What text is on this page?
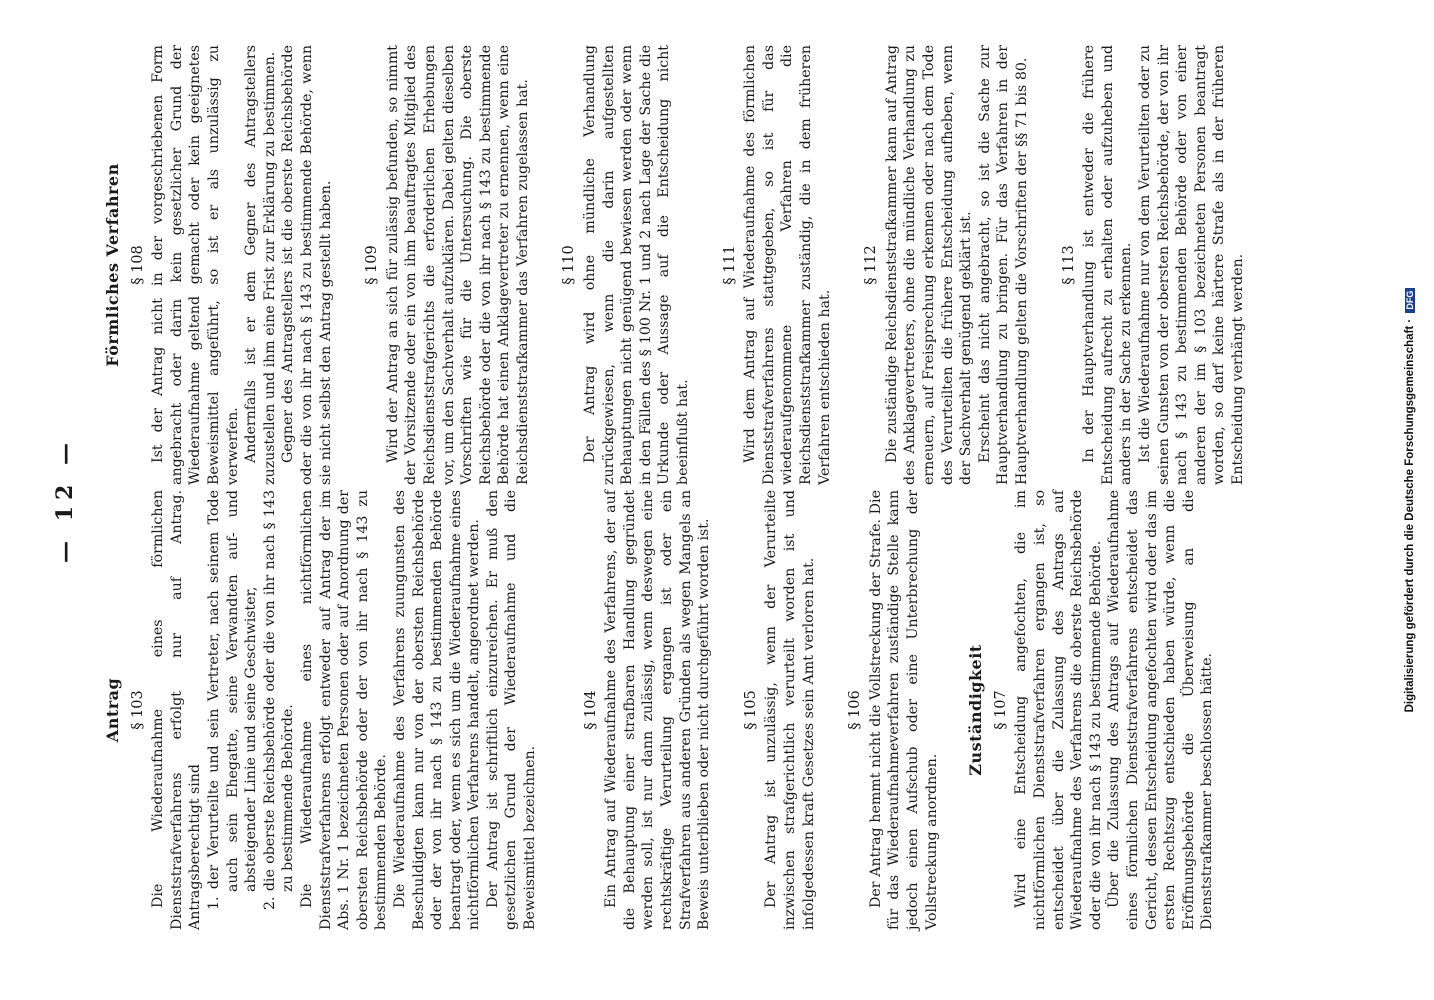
— 12 —
Antrag § 103 Die Wiederaufnahme eines förmlichen Dienststrafverfahrens erfolgt nur auf Antrag. Antragsberechtigt sind 1. der Verurteilte und sein Vertreter, nach seinem Tode auch sein Ehegatte, seine Verwandten auf- und absteigender Linie und seine Geschwister, 2. die oberste Reichsbehörde oder die von ihr nach § 143 zu bestimmende Behörde. Die Wiederaufnahme eines nichtförmlichen Dienststrafverfahrens erfolgt entweder auf Antrag der im Abs. 1 Nr. 1 bezeichneten Personen oder auf Anordnung der obersten Reichsbehörde oder der von ihr nach § 143 zu bestimmenden Behörde. Die Wiederaufnahme des Verfahrens zuungunsten des Beschuldigten kann nur von der obersten Reichsbehörde oder der von ihr nach § 143 zu bestimmenden Behörde beantragt oder, wenn es sich um die Wiederaufnahme eines nichtförmlichen Verfahrens handelt, angeordnet werden. Der Antrag ist schriftlich einzureichen. Er muß den gesetzlichen Grund der Wiederaufnahme und die Beweismittel bezeichnen.

§ 104 Ein Antrag auf Wiederaufnahme des Verfahrens, der auf die Behauptung einer strafbaren Handlung gegründet werden soll, ist nur dann zulässig, wenn deswegen eine rechtskräftige Verurteilung ergangen ist oder ein Strafverfahren aus anderen Gründen als wegen Mangels an Beweis unterblieben oder nicht durchgeführt worden ist. § 105 Der Antrag ist unzulässig, wenn der Verurteilte inzwischen strafgerichtlich verurteilt worden ist und infolgedessen kraft Gesetzes sein Amt verloren hat. § 106 Der Antrag hemmt nicht die Vollstreckung der Strafe. Die für das Wiederaufnahmeverfahren zuständige Stelle kann jedoch einen Aufschub oder eine Unterbrechung der Vollstreckung anordnen.

Zuständigkeit § 107 Wird eine Entscheidung angefochten, die im nichtförmlichen Dienststrafverfahren ergangen ist, so entscheidet über die Zulassung des Antrags auf Wiederaufnahme des Verfahrens die oberste Reichsbehörde oder die von ihr nach § 143 zu bestimmende Behörde. Über die Zulassung des Antrags auf Wiederaufnahme eines förmlichen Dienststrafverfahrens entscheidet das Gericht, dessen Entscheidung angefochten wird oder das im ersten Rechtszug entschieden haben würde, wenn die Eröffnungsbehörde die Überweisung an die Dienststrafkammer beschlossen hätte.

Förmliches Verfahren § 108 Ist der Antrag nicht in der vorgeschriebenen Form angebracht oder darin kein gesetzlicher Grund der Wiederaufnahme geltend gemacht oder kein geeignetes Beweismittel angeführt, so ist er als unzulässig zu verwerfen. Andernfalls ist er dem Gegner des Antragstellers zuzustellen und ihm eine Frist zur Erklärung zu bestimmen. Gegner des Antragstellers ist die oberste Reichsbehörde oder die von ihr nach § 143 zu bestimmende Behörde, wenn sie nicht selbst den Antrag gestellt haben. § 109 Wird der Antrag an sich für zulässig befunden, so nimmt der Vorsitzende oder ein von ihm beauftragtes Mitglied des Reichsdienststrafgerichts die erforderlichen Erhebungen vor, um den Sachverhalt aufzuklären. Dabei gelten dieselben Vorschriften wie für die Untersuchung. Die oberste Reichsbehörde oder die von ihr nach § 143 zu bestimmende Behörde hat einen Anklagevertreter zu ernennen, wenn eine Reichsdienststrafkammer das Verfahren zugelassen hat. § 110 Der Antrag wird ohne mündliche Verhandlung zurückgewiesen, wenn die darin aufgestellten Behauptungen nicht genügend bewiesen werden oder wenn in den Fällen des § 100 Nr. 1 und 2 nach Lage der Sache die Urkunde oder Aussage auf die Entscheidung nicht beeinflußt hat.

§ 111 Wird dem Antrag auf Wiederaufnahme des förmlichen Dienststrafverfahrens stattgegeben, so ist für das wiederaufgenommene Verfahren die Reichsdienststrafkammer zuständig, die in dem früheren Verfahren entschieden hat.

§ 112 Die zuständige Reichsdienststrafkammer kann auf Antrag des Anklagevertreters, ohne die mündliche Verhandlung zu erneuern, auf Freisprechung erkennen oder nach dem Tode des Verurteilten die frühere Entscheidung aufheben, wenn der Sachverhalt genügend geklärt ist. Erscheint das nicht angebracht, so ist die Sache zur Hauptverhandlung zu bringen. Für das Verfahren in der Hauptverhandlung gelten die Vorschriften der §§ 71 bis 80. § 113 In der Hauptverhandlung ist entweder die frühere Entscheidung aufrecht zu erhalten oder aufzuheben und anders in der Sache zu erkennen. Ist die Wiederaufnahme nur von dem Verurteilten oder zu seinen Gunsten von der obersten Reichsbehörde, der von ihr nach § 143 zu bestimmenden Behörde oder von einer anderen der im § 103 bezeichneten Personen beantragt worden, so darf keine härtere Strafe als in der früheren Entscheidung verhängt werden.	Digitalisierung gefördert durch die Deutsche Forschungsgemeinschaft · DFG
